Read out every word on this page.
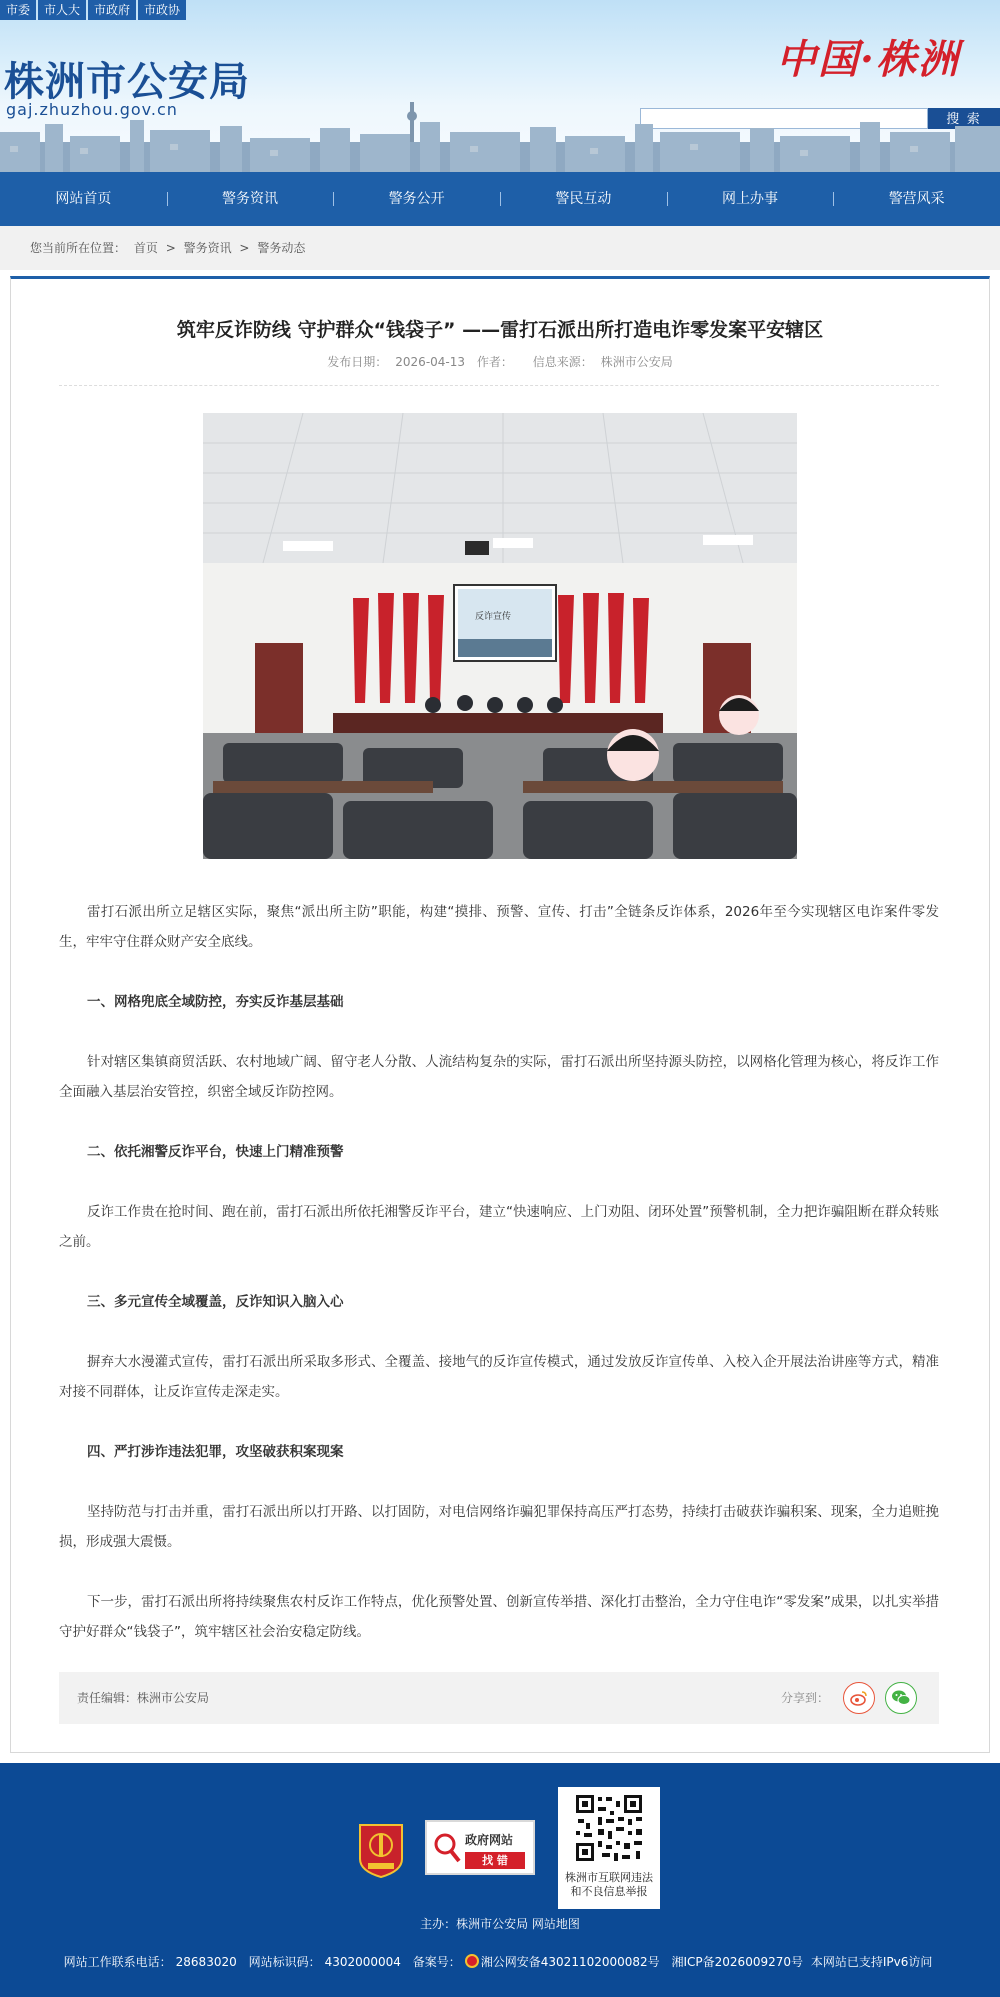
市委	市人大	市政府	市政协
株洲市公安局
gaj.zhuzhou.gov.cn
中国·株洲
搜 索
网站首页	警务资讯	警务公开	警民互动	网上办事	警营风采
您当前所在位置： 首页 > 警务资讯 > 警务动态
筑牢反诈防线 守护群众“钱袋子” ——雷打石派出所打造电诈零发案平安辖区
发布日期： 2026-04-13 作者： 信息来源： 株洲市公安局
反诈宣传

雷打石派出所立足辖区实际，聚焦“派出所主防”职能，构建“摸排、预警、宣传、打击”全链条反诈体系，2026年至今实现辖区电诈案件零发生，牢牢守住群众财产安全底线。

一、网格兜底全域防控，夯实反诈基层基础

针对辖区集镇商贸活跃、农村地域广阔、留守老人分散、人流结构复杂的实际，雷打石派出所坚持源头防控，以网格化管理为核心，将反诈工作全面融入基层治安管控，织密全域反诈防控网。

二、依托湘警反诈平台，快速上门精准预警

反诈工作贵在抢时间、跑在前，雷打石派出所依托湘警反诈平台，建立“快速响应、上门劝阻、闭环处置”预警机制，全力把诈骗阻断在群众转账之前。

三、多元宣传全域覆盖，反诈知识入脑入心

摒弃大水漫灌式宣传，雷打石派出所采取多形式、全覆盖、接地气的反诈宣传模式，通过发放反诈宣传单、入校入企开展法治讲座等方式，精准对接不同群体，让反诈宣传走深走实。

四、严打涉诈违法犯罪，攻坚破获积案现案

坚持防范与打击并重，雷打石派出所以打开路、以打固防，对电信网络诈骗犯罪保持高压严打态势，持续打击破获诈骗积案、现案，全力追赃挽损，形成强大震慑。

下一步，雷打石派出所将持续聚焦农村反诈工作特点，优化预警处置、创新宣传举措、深化打击整治，全力守住电诈“零发案”成果，以扎实举措守护好群众“钱袋子”，筑牢辖区社会治安稳定防线。

责任编辑：株洲市公安局	分享到：
政府网站
找 错
株洲市互联网违法
和不良信息举报
主办：株洲市公安局 网站地图
网站工作联系电话： 28683020 网站标识码： 4302000004 备案号： 湘公网安备43021102000082号 湘ICP备2026009270号 本网站已支持IPv6访问
